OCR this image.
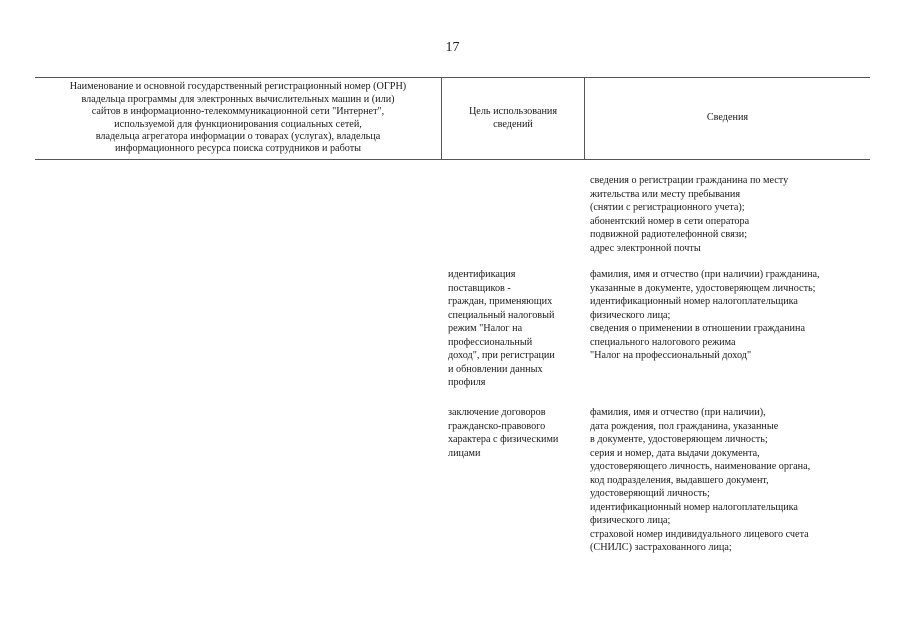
17
Наименование и основной государственный регистрационный номер (ОГРН)
владельца программы для электронных вычислительных машин и (или)
сайтов в информационно-телекоммуникационной сети "Интернет",
используемой для функционирования социальных сетей,
владельца агрегатора информации о товарах (услугах), владельца
информационного ресурса поиска сотрудников и работы
Цель использования
сведений
Сведения
сведения о регистрации гражданина по месту
жительства или месту пребывания
(снятии с регистрационного учета);
абонентский номер в сети оператора
подвижной радиотелефонной связи;
адрес электронной почты
идентификация
поставщиков -
граждан, применяющих
специальный налоговый
режим "Налог на
профессиональный
доход", при регистрации
и обновлении данных
профиля
фамилия, имя и отчество (при наличии) гражданина,
указанные в документе, удостоверяющем личность;
идентификационный номер налогоплательщика
физического лица;
сведения о применении в отношении гражданина
специального налогового режима
"Налог на профессиональный доход"
заключение договоров
гражданско-правового
характера с физическими
лицами
фамилия, имя и отчество (при наличии),
дата рождения, пол гражданина, указанные
в документе, удостоверяющем личность;
серия и номер, дата выдачи документа,
удостоверяющего личность, наименование органа,
код подразделения, выдавшего документ,
удостоверяющий личность;
идентификационный номер налогоплательщика
физического лица;
страховой номер индивидуального лицевого счета
(СНИЛС) застрахованного лица;
